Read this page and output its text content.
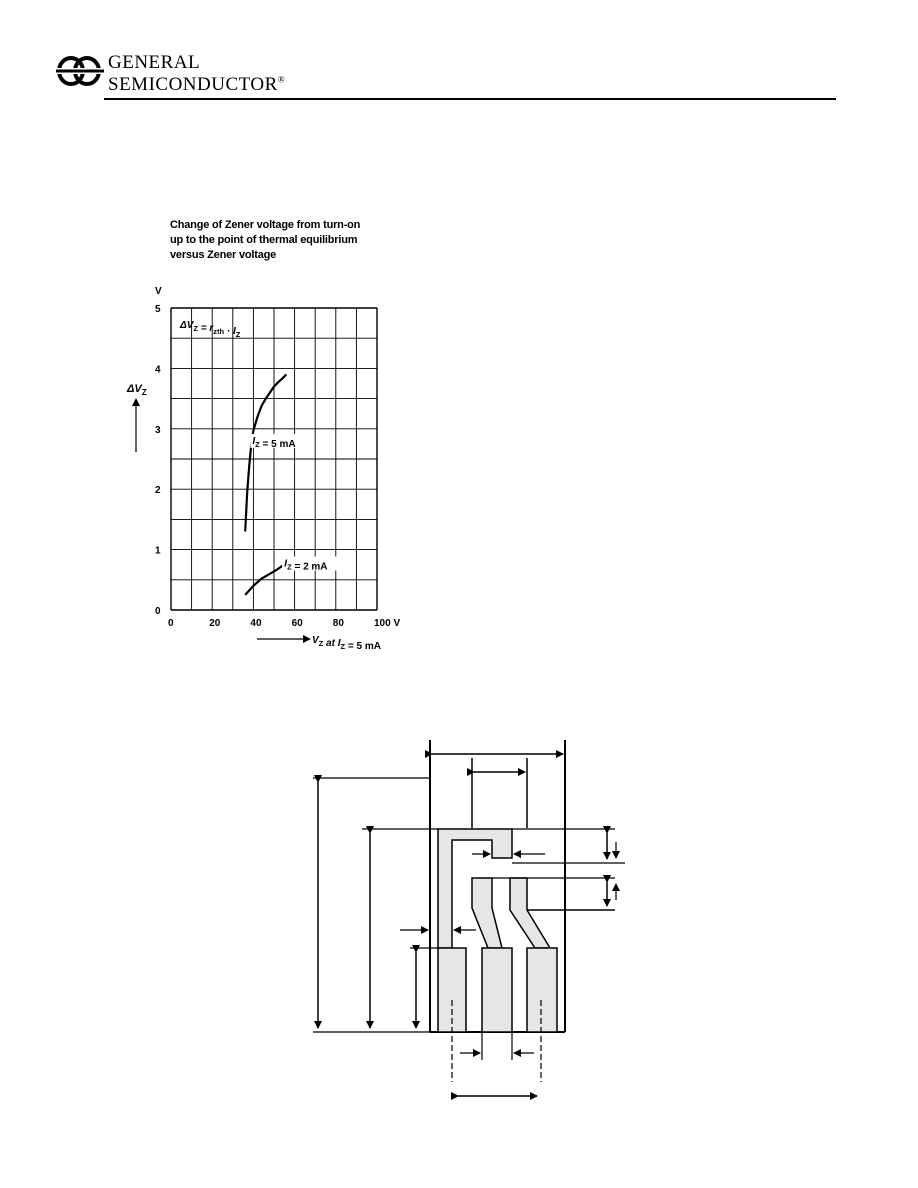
GENERAL
SEMICONDUCTOR®
Change of Zener voltage from turn-on
up to the point of thermal equilibrium
versus Zener voltage
0	20	40	60	80	100 V
0
1
2
3
4
5
V
$\Delta V_Z$
$V_Z$ at $I_Z = 5$ mA
$\Delta V_Z = r_{zth} \cdot I_Z$
$I_Z = 5$ mA
$I_Z = 2$ mA
